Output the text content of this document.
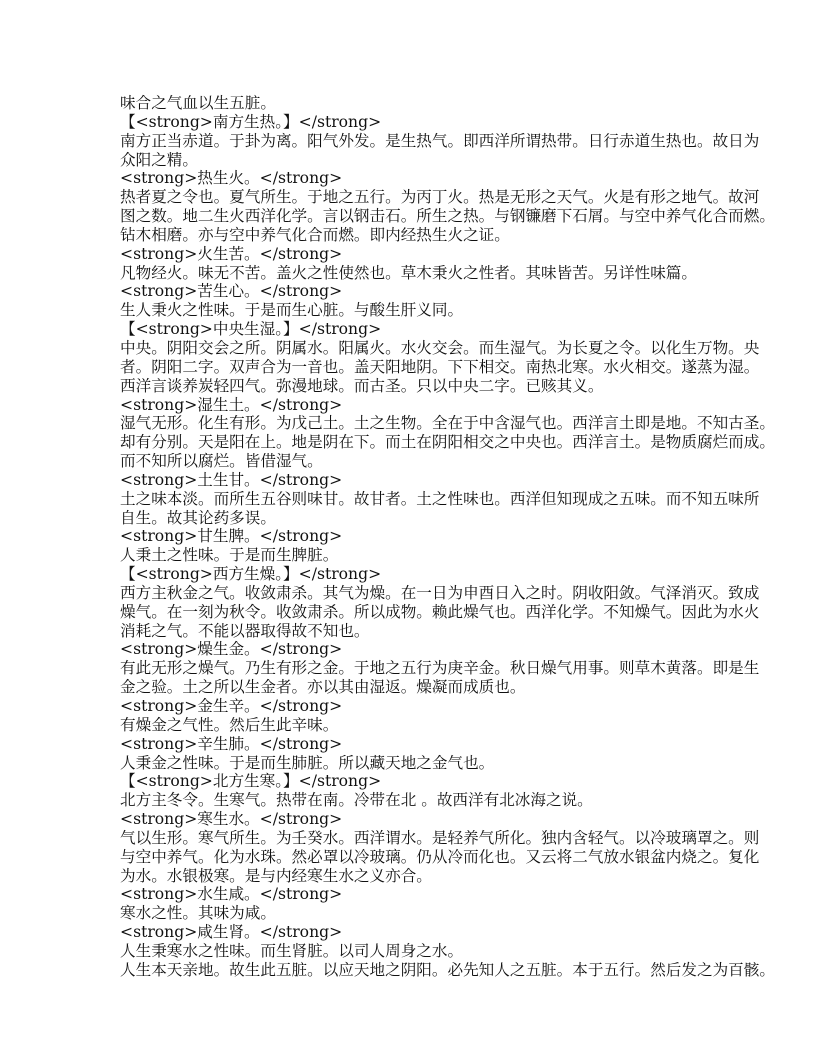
味合之气血以生五脏。
【<strong>南方生热。】</strong>
南方正当赤道。于卦为离。阳气外发。是生热气。即西洋所谓热带。日行赤道生热也。故日为
众阳之精。
<strong>热生火。</strong>
热者夏之令也。夏气所生。于地之五行。为丙丁火。热是无形之天气。火是有形之地气。故河
图之数。地二生火西洋化学。言以钢击石。所生之热。与钢镰磨下石屑。与空中养气化合而燃。
钻木相磨。亦与空中养气化合而燃。即内经热生火之证。
<strong>火生苦。</strong>
凡物经火。味无不苦。盖火之性使然也。草木秉火之性者。其味皆苦。另详性味篇。
<strong>苦生心。</strong>
生人秉火之性味。于是而生心脏。与酸生肝义同。
【<strong>中央生湿。】</strong>
中央。阴阳交会之所。阴属水。阳属火。水火交会。而生湿气。为长夏之令。以化生万物。央
者。阴阳二字。双声合为一音也。盖天阳地阴。下下相交。南热北寒。水火相交。遂蒸为湿。
西洋言谈养炭轻四气。弥漫地球。而古圣。只以中央二字。已赅其义。
<strong>湿生土。</strong>
湿气无形。化生有形。为戊己土。土之生物。全在于中含湿气也。西洋言土即是地。不知古圣。
却有分别。天是阳在上。地是阴在下。而土在阴阳相交之中央也。西洋言土。是物质腐烂而成。
而不知所以腐烂。皆借湿气。
<strong>土生甘。</strong>
土之味本淡。而所生五谷则味甘。故甘者。土之性味也。西洋但知现成之五味。而不知五味所
自生。故其论药多误。
<strong>甘生脾。</strong>
人秉土之性味。于是而生脾脏。
【<strong>西方生燥。】</strong>
西方主秋金之气。收敛肃杀。其气为燥。在一日为申酉日入之时。阴收阳敛。气泽消灭。致成
燥气。在一刻为秋令。收敛肃杀。所以成物。赖此燥气也。西洋化学。不知燥气。因此为水火
消耗之气。不能以器取得故不知也。
<strong>燥生金。</strong>
有此无形之燥气。乃生有形之金。于地之五行为庚辛金。秋日燥气用事。则草木黄落。即是生
金之验。土之所以生金者。亦以其由湿返。燥凝而成质也。
<strong>金生辛。</strong>
有燥金之气性。然后生此辛味。
<strong>辛生肺。</strong>
人秉金之性味。于是而生肺脏。所以藏天地之金气也。
【<strong>北方生寒。】</strong>
北方主冬令。生寒气。热带在南。冷带在北 。故西洋有北冰海之说。
<strong>寒生水。</strong>
气以生形。寒气所生。为壬癸水。西洋谓水。是轻养气所化。独内含轻气。以冷玻璃罩之。则
与空中养气。化为水珠。然必罩以冷玻璃。仍从冷而化也。又云将二气放水银盆内烧之。复化
为水。水银极寒。是与内经寒生水之义亦合。
<strong>水生咸。</strong>
寒水之性。其味为咸。
<strong>咸生肾。</strong>
人生秉寒水之性味。而生肾脏。以司人周身之水。
人生本天亲地。故生此五脏。以应天地之阴阳。必先知人之五脏。本于五行。然后发之为百骸。
